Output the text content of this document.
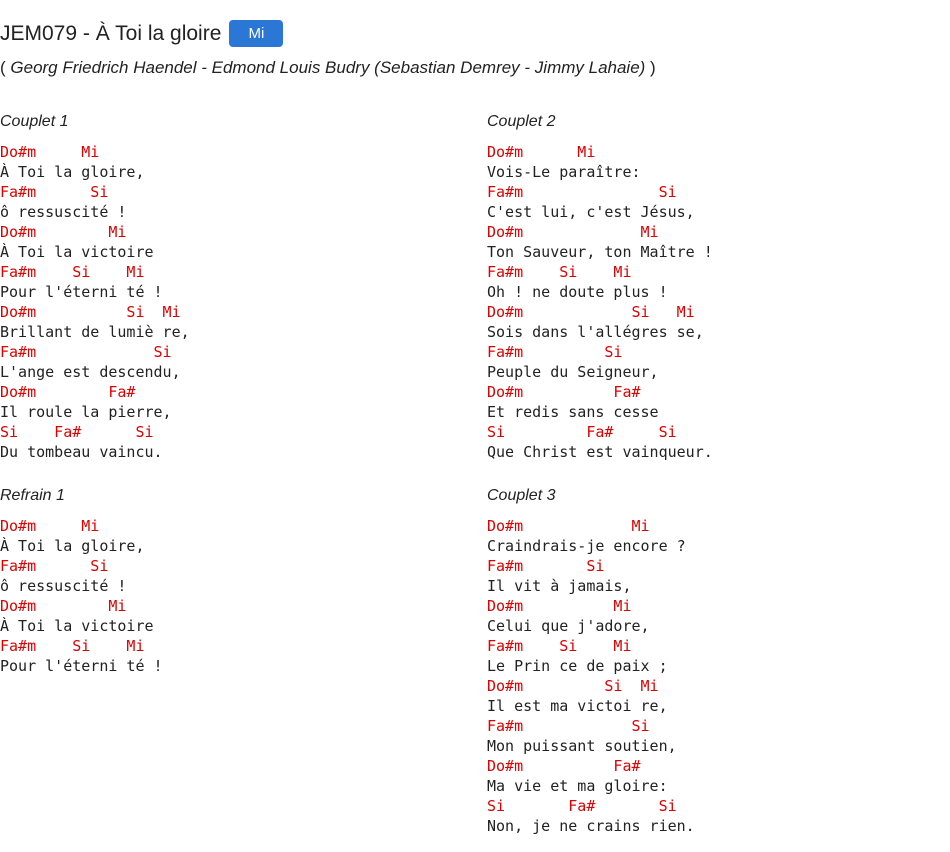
JEM079 - À Toi la gloire	Mi
( Georg Friedrich Haendel - Edmond Louis Budry (Sebastian Demrey - Jimmy Lahaie) )
Couplet 1
Do#m     Mi
À Toi la gloire,
Fa#m      Si
ô ressuscité !
Do#m        Mi
À Toi la victoire
Fa#m    Si    Mi
Pour l'éterni té !
Do#m          Si  Mi
Brillant de lumiè re,
Fa#m             Si
L'ange est descendu,
Do#m        Fa#
Il roule la pierre,
Si    Fa#      Si
Du tombeau vaincu.
Couplet 2
Do#m      Mi
Vois-Le paraître:
Fa#m               Si
C'est lui, c'est Jésus,
Do#m             Mi
Ton Sauveur, ton Maître !
Fa#m    Si    Mi
Oh ! ne doute plus !
Do#m            Si   Mi
Sois dans l'allégres se,
Fa#m         Si
Peuple du Seigneur,
Do#m          Fa#
Et redis sans cesse
Si         Fa#     Si
Que Christ est vainqueur.
Refrain 1
Do#m     Mi
À Toi la gloire,
Fa#m      Si
ô ressuscité !
Do#m        Mi
À Toi la victoire
Fa#m    Si    Mi
Pour l'éterni té !
Couplet 3
Do#m            Mi
Craindrais-je encore ?
Fa#m       Si
Il vit à jamais,
Do#m          Mi
Celui que j'adore,
Fa#m    Si    Mi
Le Prin ce de paix ;
Do#m         Si  Mi
Il est ma victoi re,
Fa#m            Si
Mon puissant soutien,
Do#m          Fa#
Ma vie et ma gloire:
Si       Fa#       Si
Non, je ne crains rien.
